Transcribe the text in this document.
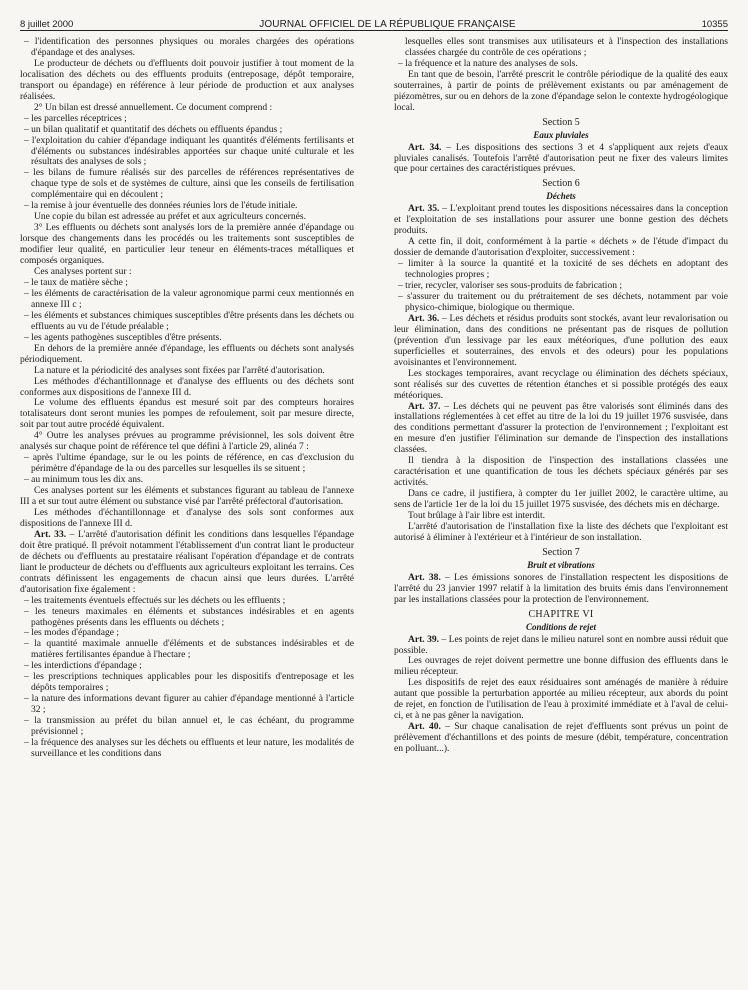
8 juillet 2000	JOURNAL OFFICIEL DE LA RÉPUBLIQUE FRANÇAISE	10355

– l'identification des personnes physiques ou morales chargées des opérations d'épandage et des analyses.

Le producteur de déchets ou d'effluents doit pouvoir justifier à tout moment de la localisation des déchets ou des effluents produits (entreposage, dépôt temporaire, transport ou épandage) en référence à leur période de production et aux analyses réalisées.

2° Un bilan est dressé annuellement. Ce document comprend :

– les parcelles réceptrices ;

– un bilan qualitatif et quantitatif des déchets ou effluents épandus ;

– l'exploitation du cahier d'épandage indiquant les quantités d'éléments fertilisants et d'éléments ou substances indésirables apportées sur chaque unité culturale et les résultats des analyses de sols ;

– les bilans de fumure réalisés sur des parcelles de références représentatives de chaque type de sols et de systèmes de culture, ainsi que les conseils de fertilisation complémentaire qui en découlent ;

– la remise à jour éventuelle des données réunies lors de l'étude initiale.

Une copie du bilan est adressée au préfet et aux agriculteurs concernés.

3° Les effluents ou déchets sont analysés lors de la première année d'épandage ou lorsque des changements dans les procédés ou les traitements sont susceptibles de modifier leur qualité, en particulier leur teneur en éléments-traces métalliques et composés organiques.

Ces analyses portent sur :

– le taux de matière sèche ;

– les éléments de caractérisation de la valeur agronomique parmi ceux mentionnés en annexe III c ;

– les éléments et substances chimiques susceptibles d'être présents dans les déchets ou effluents au vu de l'étude préalable ;

– les agents pathogènes susceptibles d'être présents.

En dehors de la première année d'épandage, les effluents ou déchets sont analysés périodiquement.

La nature et la périodicité des analyses sont fixées par l'arrêté d'autorisation.

Les méthodes d'échantillonnage et d'analyse des effluents ou des déchets sont conformes aux dispositions de l'annexe III d.

Le volume des effluents épandus est mesuré soit par des compteurs horaires totalisateurs dont seront munies les pompes de refoulement, soit par mesure directe, soit par tout autre procédé équivalent.

4° Outre les analyses prévues au programme prévisionnel, les sols doivent être analysés sur chaque point de référence tel que défini à l'article 29, alinéa 7 :

– après l'ultime épandage, sur le ou les points de référence, en cas d'exclusion du périmètre d'épandage de la ou des parcelles sur lesquelles ils se situent ;

– au minimum tous les dix ans.

Ces analyses portent sur les éléments et substances figurant au tableau de l'annexe III a et sur tout autre élément ou substance visé par l'arrêté préfectoral d'autorisation.

Les méthodes d'échantillonnage et d'analyse des sols sont conformes aux dispositions de l'annexe III d.

Art. 33. – L'arrêté d'autorisation définit les conditions dans lesquelles l'épandage doit être pratiqué. Il prévoit notamment l'établissement d'un contrat liant le producteur de déchets ou d'effluents au prestataire réalisant l'opération d'épandage et de contrats liant le producteur de déchets ou d'effluents aux agriculteurs exploitant les terrains. Ces contrats définissent les engagements de chacun ainsi que leurs durées. L'arrêté d'autorisation fixe également :

– les traitements éventuels effectués sur les déchets ou les effluents ;

– les teneurs maximales en éléments et substances indésirables et en agents pathogènes présents dans les effluents ou déchets ;

– les modes d'épandage ;

– la quantité maximale annuelle d'éléments et de substances indésirables et de matières fertilisantes épandue à l'hectare ;

– les interdictions d'épandage ;

– les prescriptions techniques applicables pour les dispositifs d'entreposage et les dépôts temporaires ;

– la nature des informations devant figurer au cahier d'épandage mentionné à l'article 32 ;

– la transmission au préfet du bilan annuel et, le cas échéant, du programme prévisionnel ;

– la fréquence des analyses sur les déchets ou effluents et leur nature, les modalités de surveillance et les conditions dans

lesquelles elles sont transmises aux utilisateurs et à l'inspection des installations classées chargée du contrôle de ces opérations ;

– la fréquence et la nature des analyses de sols.

En tant que de besoin, l'arrêté prescrit le contrôle périodique de la qualité des eaux souterraines, à partir de points de prélèvement existants ou par aménagement de piézomètres, sur ou en dehors de la zone d'épandage selon le contexte hydrogéologique local.

Section 5
Eaux pluviales

Art. 34. – Les dispositions des sections 3 et 4 s'appliquent aux rejets d'eaux pluviales canalisés. Toutefois l'arrêté d'autorisation peut ne fixer des valeurs limites que pour certaines des caractéristiques prévues.

Section 6
Déchets

Art. 35. – L'exploitant prend toutes les dispositions nécessaires dans la conception et l'exploitation de ses installations pour assurer une bonne gestion des déchets produits.

A cette fin, il doit, conformément à la partie « déchets » de l'étude d'impact du dossier de demande d'autorisation d'exploiter, successivement :

– limiter à la source la quantité et la toxicité de ses déchets en adoptant des technologies propres ;

– trier, recycler, valoriser ses sous-produits de fabrication ;

– s'assurer du traitement ou du prétraitement de ses déchets, notamment par voie physico-chimique, biologique ou thermique.

Art. 36. – Les déchets et résidus produits sont stockés, avant leur revalorisation ou leur élimination, dans des conditions ne présentant pas de risques de pollution (prévention d'un lessivage par les eaux météoriques, d'une pollution des eaux superficielles et souterraines, des envols et des odeurs) pour les populations avoisinantes et l'environnement.

Les stockages temporaires, avant recyclage ou élimination des déchets spéciaux, sont réalisés sur des cuvettes de rétention étanches et si possible protégés des eaux météoriques.

Art. 37. – Les déchets qui ne peuvent pas être valorisés sont éliminés dans des installations réglementées à cet effet au titre de la loi du 19 juillet 1976 susvisée, dans des conditions permettant d'assurer la protection de l'environnement ; l'exploitant est en mesure d'en justifier l'élimination sur demande de l'inspection des installations classées.

Il tiendra à la disposition de l'inspection des installations classées une caractérisation et une quantification de tous les déchets spéciaux générés par ses activités.

Dans ce cadre, il justifiera, à compter du 1er juillet 2002, le caractère ultime, au sens de l'article 1er de la loi du 15 juillet 1975 susvisée, des déchets mis en décharge.

Tout brûlage à l'air libre est interdit.

L'arrêté d'autorisation de l'installation fixe la liste des déchets que l'exploitant est autorisé à éliminer à l'extérieur et à l'intérieur de son installation.

Section 7
Bruit et vibrations

Art. 38. – Les émissions sonores de l'installation respectent les dispositions de l'arrêté du 23 janvier 1997 relatif à la limitation des bruits émis dans l'environnement par les installations classées pour la protection de l'environnement.

CHAPITRE VI
Conditions de rejet

Art. 39. – Les points de rejet dans le milieu naturel sont en nombre aussi réduit que possible.

Les ouvrages de rejet doivent permettre une bonne diffusion des effluents dans le milieu récepteur.

Les dispositifs de rejet des eaux résiduaires sont aménagés de manière à réduire autant que possible la perturbation apportée au milieu récepteur, aux abords du point de rejet, en fonction de l'utilisation de l'eau à proximité immédiate et à l'aval de celui-ci, et à ne pas gêner la navigation.

Art. 40. – Sur chaque canalisation de rejet d'effluents sont prévus un point de prélèvement d'échantillons et des points de mesure (débit, température, concentration en polluant...).
